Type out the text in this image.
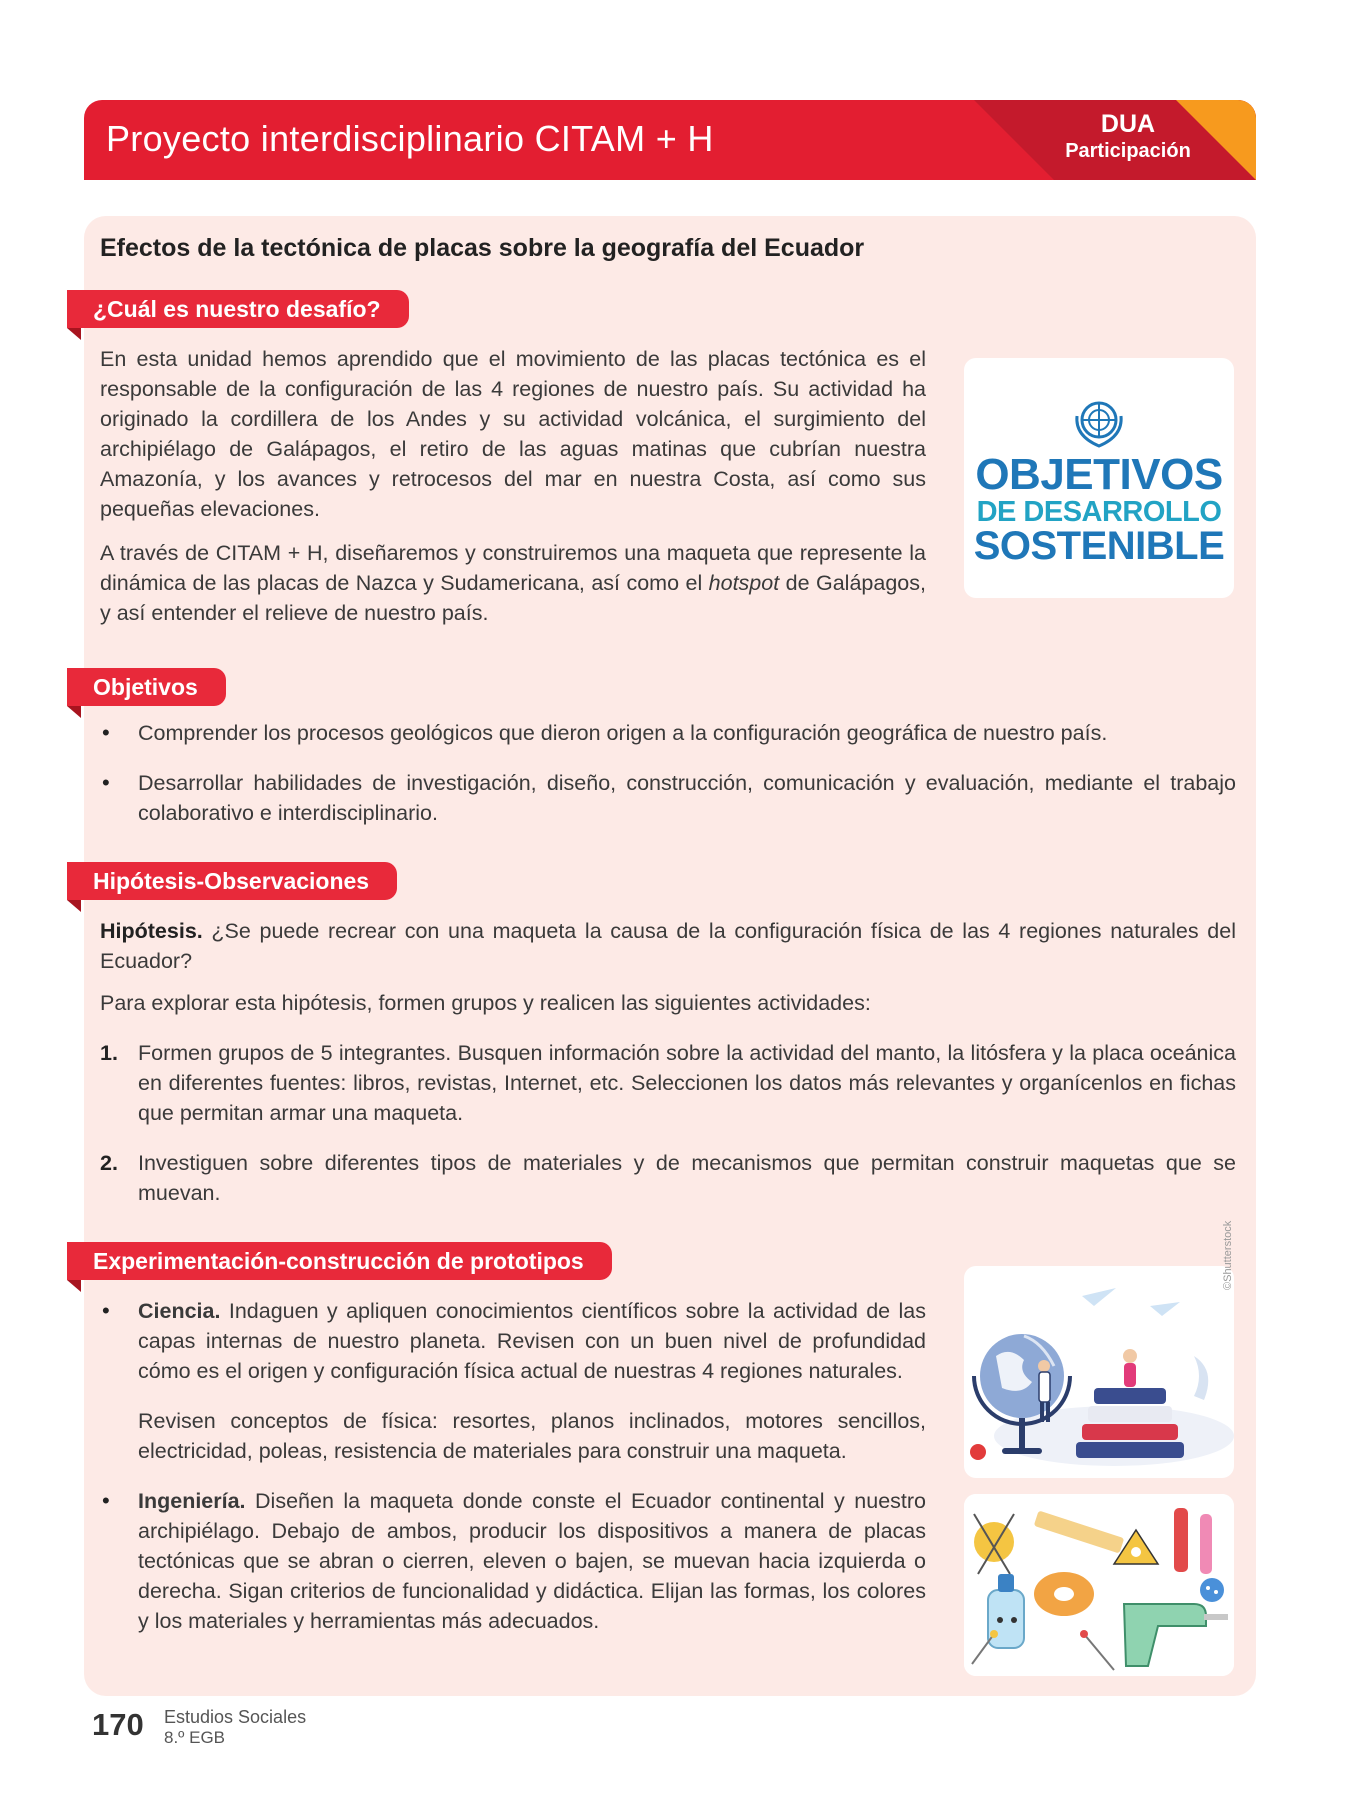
Proyecto interdisciplinario CITAM + H	DUA
Participación
Efectos de la tectónica de placas sobre la geografía del Ecuador
¿Cuál es nuestro desafío?

En esta unidad hemos aprendido que el movimiento de las placas tectónica es el responsable de la configuración de las 4 regiones de nuestro país. Su actividad ha originado la cordillera de los Andes y su actividad volcánica, el surgimiento del archipiélago de Galápagos, el retiro de las aguas matinas que cubrían nuestra Amazonía, y los avances y retrocesos del mar en nuestra Costa, así como sus pequeñas elevaciones.

A través de CITAM + H, diseñaremos y construiremos una maqueta que represente la dinámica de las placas de Nazca y Sudamericana, así como el hotspot de Galápagos, y así entender el relieve de nuestro país.

OBJETIVOS
DE DESARROLLO
SOSTENIBLE
Objetivos
• Comprender los procesos geológicos que dieron origen a la configuración geográfica de nuestro país.
• Desarrollar habilidades de investigación, diseño, construcción, comunicación y evaluación, mediante el trabajo colaborativo e interdisciplinario.
Hipótesis-Observaciones

Hipótesis. ¿Se puede recrear con una maqueta la causa de la configuración física de las 4 regiones naturales del Ecuador?

Para explorar esta hipótesis, formen grupos y realicen las siguientes actividades:

1. Formen grupos de 5 integrantes. Busquen información sobre la actividad del manto, la litósfera y la placa oceánica en diferentes fuentes: libros, revistas, Internet, etc. Seleccionen los datos más relevantes y organícenlos en fichas que permitan armar una maqueta.
2. Investiguen sobre diferentes tipos de materiales y de mecanismos que permitan construir maquetas que se muevan.
Experimentación-construcción de prototipos
• Ciencia. Indaguen y apliquen conocimientos científicos sobre la actividad de las capas internas de nuestro planeta. Revisen con un buen nivel de profundidad cómo es el origen y configuración física actual de nuestras 4 regiones naturales.
Revisen conceptos de física: resortes, planos inclinados, motores sencillos, electricidad, poleas, resistencia de materiales para construir una maqueta.
• Ingeniería. Diseñen la maqueta donde conste el Ecuador continental y nuestro archipiélago. Debajo de ambos, producir los dispositivos a manera de placas tectónicas que se abran o cierren, eleven o bajen, se muevan hacia izquierda o derecha. Sigan criterios de funcionalidad y didáctica. Elijan las formas, los colores y los materiales y herramientas más adecuados.
©Shutterstock
170 Estudios Sociales
8.º EGB
